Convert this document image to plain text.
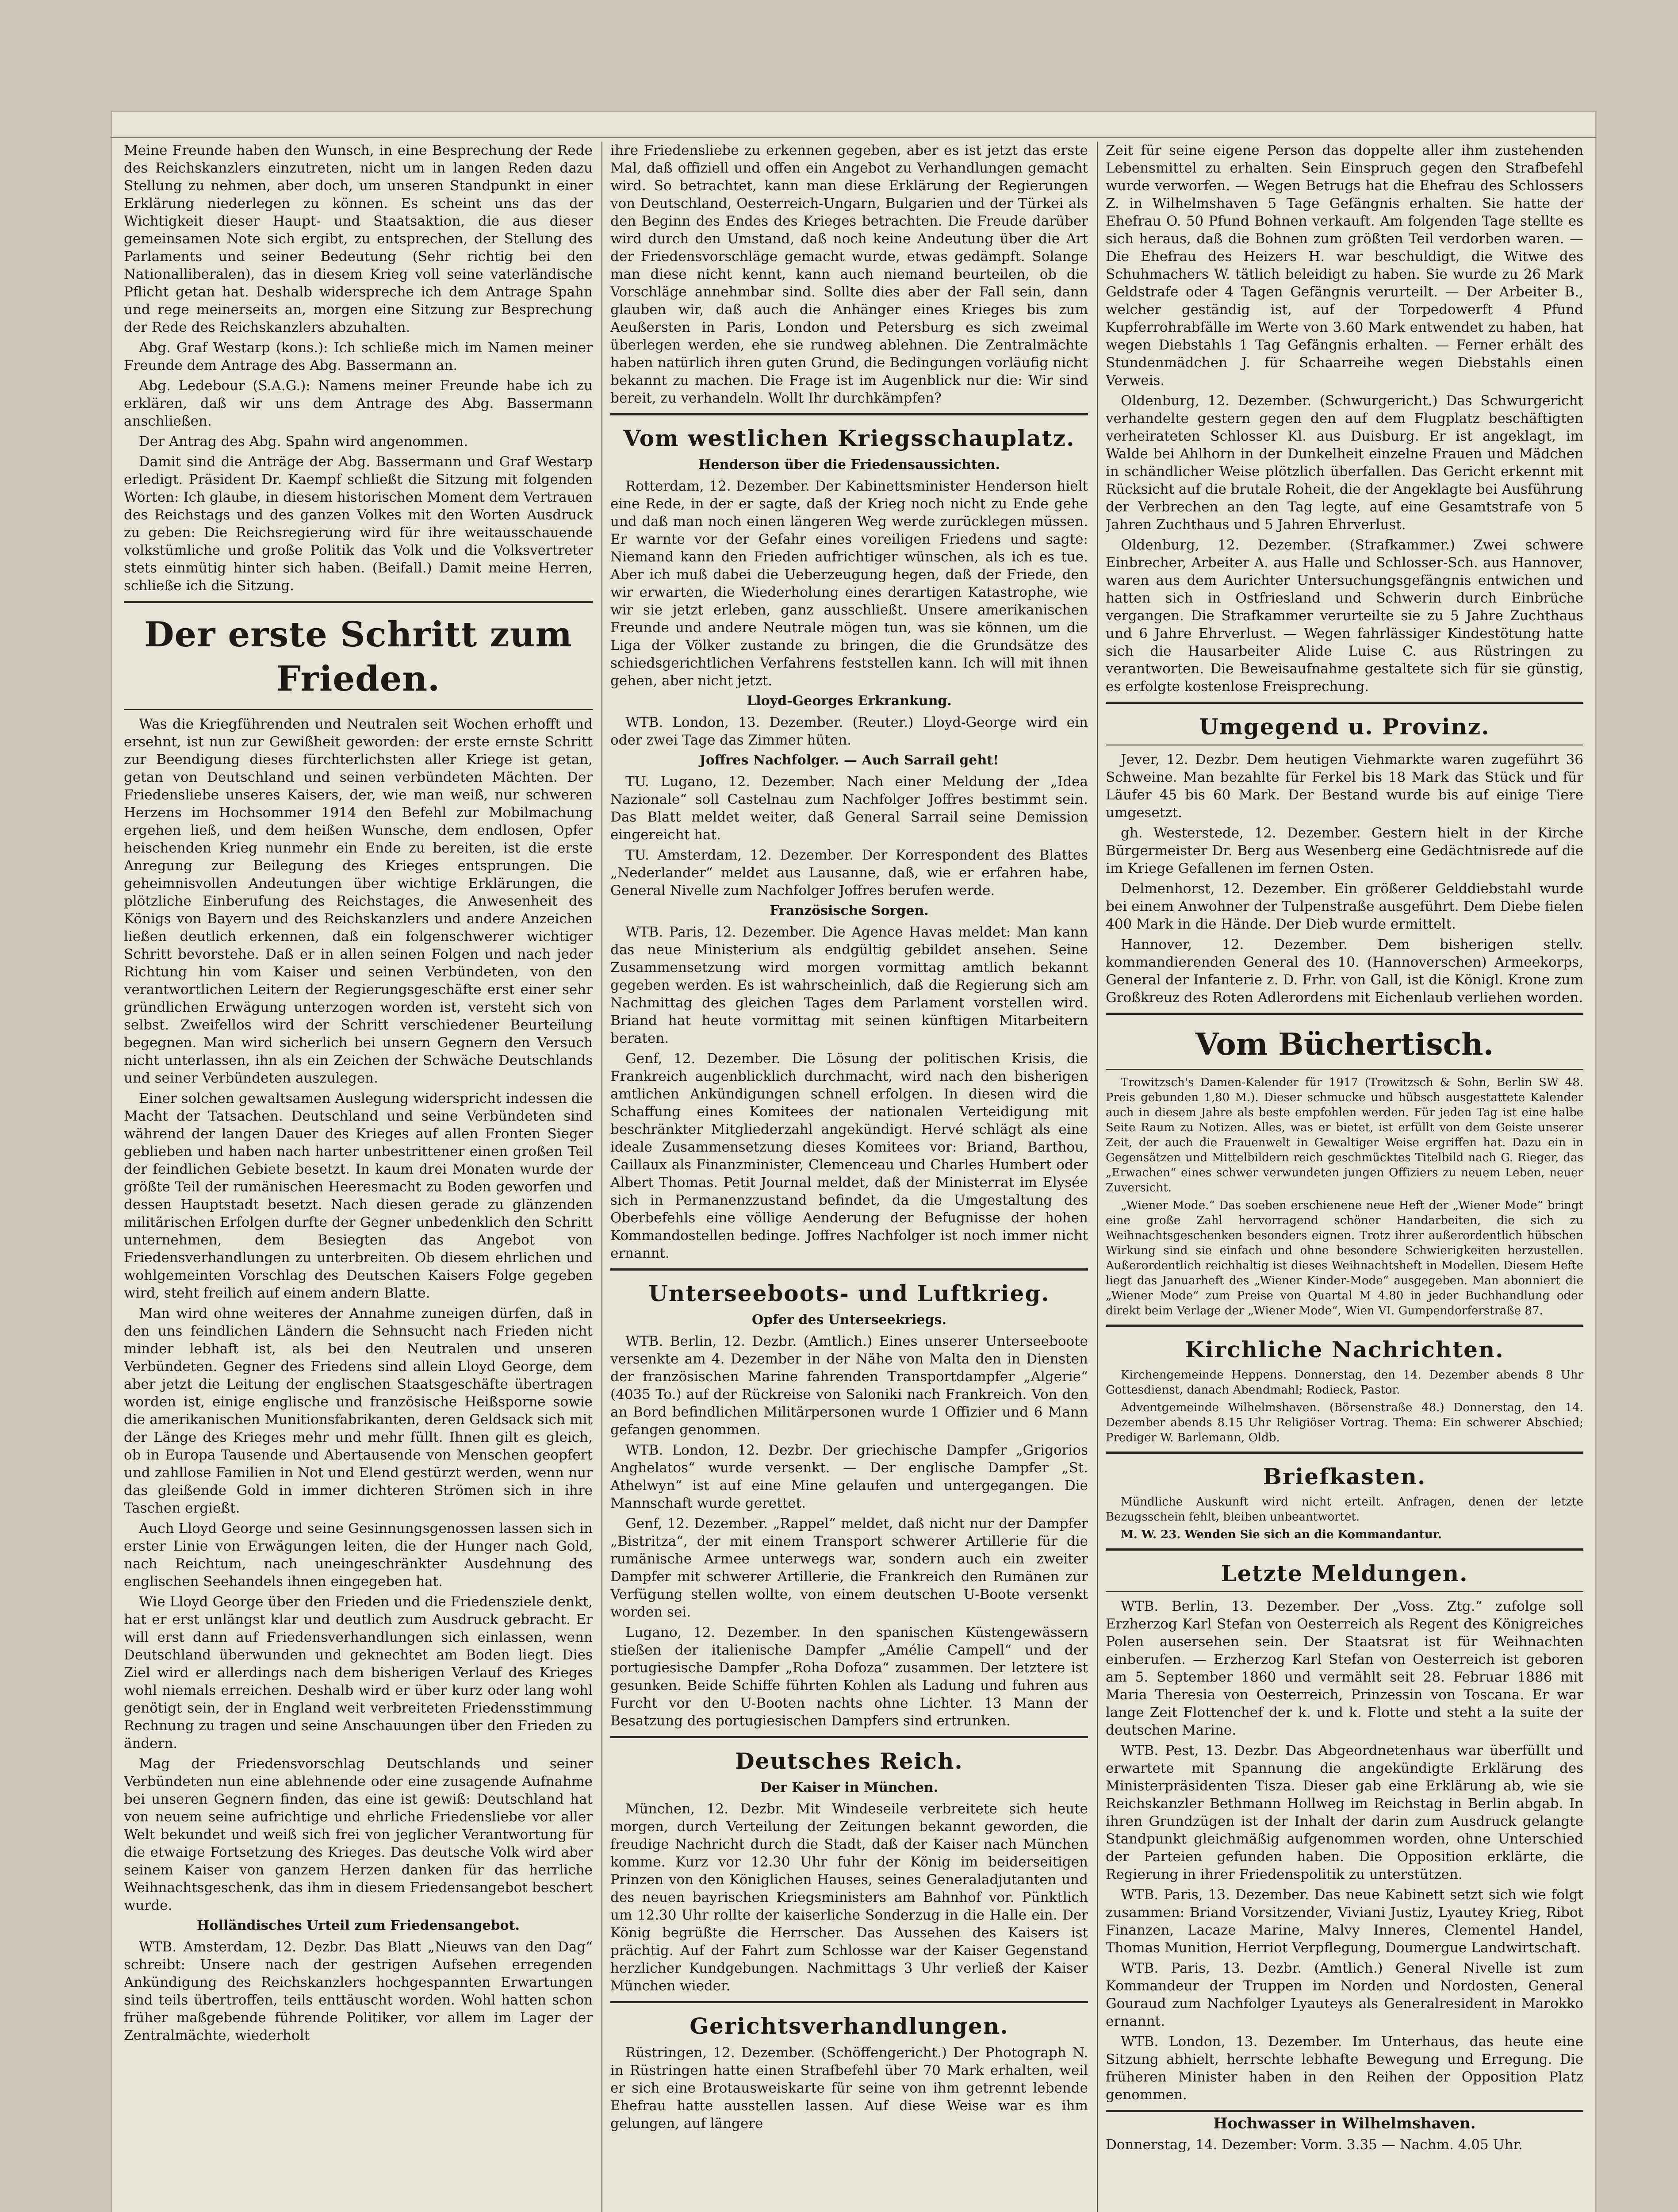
Meine Freunde haben den Wunsch, in eine Besprechung der Rede des Reichskanzlers einzutreten, nicht um in langen Reden dazu Stellung zu nehmen, aber doch, um unseren Standpunkt in einer Erklärung niederlegen zu können. Es scheint uns das der Wichtigkeit dieser Haupt- und Staatsaktion, die aus dieser gemeinsamen Note sich ergibt, zu entsprechen, der Stellung des Parlaments und seiner Bedeutung (Sehr richtig bei den Nationalliberalen), das in diesem Krieg voll seine vaterländische Pflicht getan hat. Deshalb widerspreche ich dem Antrage Spahn und rege meinerseits an, morgen eine Sitzung zur Besprechung der Rede des Reichskanzlers abzuhalten.

Abg. Graf Westarp (kons.): Ich schließe mich im Namen meiner Freunde dem Antrage des Abg. Bassermann an.

Abg. Ledebour (S.A.G.): Namens meiner Freunde habe ich zu erklären, daß wir uns dem Antrage des Abg. Bassermann anschließen.

Der Antrag des Abg. Spahn wird angenommen.

Damit sind die Anträge der Abg. Bassermann und Graf Westarp erledigt. Präsident Dr. Kaempf schließt die Sitzung mit folgenden Worten: Ich glaube, in diesem historischen Moment dem Vertrauen des Reichstags und des ganzen Volkes mit den Worten Ausdruck zu geben: Die Reichsregierung wird für ihre weitausschauende volkstümliche und große Politik das Volk und die Volksvertreter stets einmütig hinter sich haben. (Beifall.) Damit meine Herren, schließe ich die Sitzung.

Der erste Schritt zum Frieden.

Was die Kriegführenden und Neutralen seit Wochen erhofft und ersehnt, ist nun zur Gewißheit geworden: der erste ernste Schritt zur Beendigung dieses fürchterlichsten aller Kriege ist getan, getan von Deutschland und seinen verbündeten Mächten. Der Friedensliebe unseres Kaisers, der, wie man weiß, nur schweren Herzens im Hochsommer 1914 den Befehl zur Mobilmachung ergehen ließ, und dem heißen Wunsche, dem endlosen, Opfer heischenden Krieg nunmehr ein Ende zu bereiten, ist die erste Anregung zur Beilegung des Krieges entsprungen. Die geheimnisvollen Andeutungen über wichtige Erklärungen, die plötzliche Einberufung des Reichstages, die Anwesenheit des Königs von Bayern und des Reichskanzlers und andere Anzeichen ließen deutlich erkennen, daß ein folgenschwerer wichtiger Schritt bevorstehe. Daß er in allen seinen Folgen und nach jeder Richtung hin vom Kaiser und seinen Verbündeten, von den verantwortlichen Leitern der Regierungsgeschäfte erst einer sehr gründlichen Erwägung unterzogen worden ist, versteht sich von selbst. Zweifellos wird der Schritt verschiedener Beurteilung begegnen. Man wird sicherlich bei unsern Gegnern den Versuch nicht unterlassen, ihn als ein Zeichen der Schwäche Deutschlands und seiner Verbündeten auszulegen.

Einer solchen gewaltsamen Auslegung widerspricht indessen die Macht der Tatsachen. Deutschland und seine Verbündeten sind während der langen Dauer des Krieges auf allen Fronten Sieger geblieben und haben nach harter unbestrittener einen großen Teil der feindlichen Gebiete besetzt. In kaum drei Monaten wurde der größte Teil der rumänischen Heeresmacht zu Boden geworfen und dessen Hauptstadt besetzt. Nach diesen gerade zu glänzenden militärischen Erfolgen durfte der Gegner unbedenklich den Schritt unternehmen, dem Besiegten das Angebot von Friedensverhandlungen zu unterbreiten. Ob diesem ehrlichen und wohlgemeinten Vorschlag des Deutschen Kaisers Folge gegeben wird, steht freilich auf einem andern Blatte.

Man wird ohne weiteres der Annahme zuneigen dürfen, daß in den uns feindlichen Ländern die Sehnsucht nach Frieden nicht minder lebhaft ist, als bei den Neutralen und unseren Verbündeten. Gegner des Friedens sind allein Lloyd George, dem aber jetzt die Leitung der englischen Staatsgeschäfte übertragen worden ist, einige englische und französische Heißsporne sowie die amerikanischen Munitionsfabrikanten, deren Geldsack sich mit der Länge des Krieges mehr und mehr füllt. Ihnen gilt es gleich, ob in Europa Tausende und Abertausende von Menschen geopfert und zahllose Familien in Not und Elend gestürzt werden, wenn nur das gleißende Gold in immer dichteren Strömen sich in ihre Taschen ergießt.

Auch Lloyd George und seine Gesinnungsgenossen lassen sich in erster Linie von Erwägungen leiten, die der Hunger nach Gold, nach Reichtum, nach uneingeschränkter Ausdehnung des englischen Seehandels ihnen eingegeben hat.

Wie Lloyd George über den Frieden und die Friedensziele denkt, hat er erst unlängst klar und deutlich zum Ausdruck gebracht. Er will erst dann auf Friedensverhandlungen sich einlassen, wenn Deutschland überwunden und geknechtet am Boden liegt. Dies Ziel wird er allerdings nach dem bisherigen Verlauf des Krieges wohl niemals erreichen. Deshalb wird er über kurz oder lang wohl genötigt sein, der in England weit verbreiteten Friedensstimmung Rechnung zu tragen und seine Anschauungen über den Frieden zu ändern.

Mag der Friedensvorschlag Deutschlands und seiner Verbündeten nun eine ablehnende oder eine zusagende Aufnahme bei unseren Gegnern finden, das eine ist gewiß: Deutschland hat von neuem seine aufrichtige und ehrliche Friedensliebe vor aller Welt bekundet und weiß sich frei von jeglicher Verantwortung für die etwaige Fortsetzung des Krieges. Das deutsche Volk wird aber seinem Kaiser von ganzem Herzen danken für das herrliche Weihnachtsgeschenk, das ihm in diesem Friedensangebot beschert wurde.

Holländisches Urteil zum Friedensangebot.

WTB. Amsterdam, 12. Dezbr. Das Blatt „Nieuws van den Dag“ schreibt: Unsere nach der gestrigen Aufsehen erregenden Ankündigung des Reichskanzlers hochgespannten Erwartungen sind teils übertroffen, teils enttäuscht worden. Wohl hatten schon früher maßgebende führende Politiker, vor allem im Lager der Zentralmächte, wiederholt

ihre Friedensliebe zu erkennen gegeben, aber es ist jetzt das erste Mal, daß offiziell und offen ein Angebot zu Verhandlungen gemacht wird. So betrachtet, kann man diese Erklärung der Regierungen von Deutschland, Oesterreich-Ungarn, Bulgarien und der Türkei als den Beginn des Endes des Krieges betrachten. Die Freude darüber wird durch den Umstand, daß noch keine Andeutung über die Art der Friedensvorschläge gemacht wurde, etwas gedämpft. Solange man diese nicht kennt, kann auch niemand beurteilen, ob die Vorschläge annehmbar sind. Sollte dies aber der Fall sein, dann glauben wir, daß auch die Anhänger eines Krieges bis zum Aeußersten in Paris, London und Petersburg es sich zweimal überlegen werden, ehe sie rundweg ablehnen. Die Zentralmächte haben natürlich ihren guten Grund, die Bedingungen vorläufig nicht bekannt zu machen. Die Frage ist im Augenblick nur die: Wir sind bereit, zu verhandeln. Wollt Ihr durchkämpfen?

Vom westlichen Kriegsschauplatz.
Henderson über die Friedensaussichten.

Rotterdam, 12. Dezember. Der Kabinettsminister Henderson hielt eine Rede, in der er sagte, daß der Krieg noch nicht zu Ende gehe und daß man noch einen längeren Weg werde zurücklegen müssen. Er warnte vor der Gefahr eines voreiligen Friedens und sagte: Niemand kann den Frieden aufrichtiger wünschen, als ich es tue. Aber ich muß dabei die Ueberzeugung hegen, daß der Friede, den wir erwarten, die Wiederholung eines derartigen Katastrophe, wie wir sie jetzt erleben, ganz ausschließt. Unsere amerikanischen Freunde und andere Neutrale mögen tun, was sie können, um die Liga der Völker zustande zu bringen, die die Grundsätze des schiedsgerichtlichen Verfahrens feststellen kann. Ich will mit ihnen gehen, aber nicht jetzt.

Lloyd-Georges Erkrankung.

WTB. London, 13. Dezember. (Reuter.) Lloyd-George wird ein oder zwei Tage das Zimmer hüten.

Joffres Nachfolger. — Auch Sarrail geht!

TU. Lugano, 12. Dezember. Nach einer Meldung der „Idea Nazionale“ soll Castelnau zum Nachfolger Joffres bestimmt sein. Das Blatt meldet weiter, daß General Sarrail seine Demission eingereicht hat.

TU. Amsterdam, 12. Dezember. Der Korrespondent des Blattes „Nederlander“ meldet aus Lausanne, daß, wie er erfahren habe, General Nivelle zum Nachfolger Joffres berufen werde.

Französische Sorgen.

WTB. Paris, 12. Dezember. Die Agence Havas meldet: Man kann das neue Ministerium als endgültig gebildet ansehen. Seine Zusammensetzung wird morgen vormittag amtlich bekannt gegeben werden. Es ist wahrscheinlich, daß die Regierung sich am Nachmittag des gleichen Tages dem Parlament vorstellen wird. Briand hat heute vormittag mit seinen künftigen Mitarbeitern beraten.

Genf, 12. Dezember. Die Lösung der politischen Krisis, die Frankreich augenblicklich durchmacht, wird nach den bisherigen amtlichen Ankündigungen schnell erfolgen. In diesen wird die Schaffung eines Komitees der nationalen Verteidigung mit beschränkter Mitgliederzahl angekündigt. Hervé schlägt als eine ideale Zusammensetzung dieses Komitees vor: Briand, Barthou, Caillaux als Finanzminister, Clemenceau und Charles Humbert oder Albert Thomas. Petit Journal meldet, daß der Ministerrat im Elysée sich in Permanenzzustand befindet, da die Umgestaltung des Oberbefehls eine völlige Aenderung der Befugnisse der hohen Kommandostellen bedinge. Joffres Nachfolger ist noch immer nicht ernannt.

Unterseeboots- und Luftkrieg.
Opfer des Unterseekriegs.

WTB. Berlin, 12. Dezbr. (Amtlich.) Eines unserer Unterseeboote versenkte am 4. Dezember in der Nähe von Malta den in Diensten der französischen Marine fahrenden Transportdampfer „Algerie“ (4035 To.) auf der Rückreise von Saloniki nach Frankreich. Von den an Bord befindlichen Militärpersonen wurde 1 Offizier und 6 Mann gefangen genommen.

WTB. London, 12. Dezbr. Der griechische Dampfer „Grigorios Anghelatos“ wurde versenkt. — Der englische Dampfer „St. Athelwyn“ ist auf eine Mine gelaufen und untergegangen. Die Mannschaft wurde gerettet.

Genf, 12. Dezember. „Rappel“ meldet, daß nicht nur der Dampfer „Bistritza“, der mit einem Transport schwerer Artillerie für die rumänische Armee unterwegs war, sondern auch ein zweiter Dampfer mit schwerer Artillerie, die Frankreich den Rumänen zur Verfügung stellen wollte, von einem deutschen U-Boote versenkt worden sei.

Lugano, 12. Dezember. In den spanischen Küstengewässern stießen der italienische Dampfer „Amélie Campell“ und der portugiesische Dampfer „Roha Dofoza“ zusammen. Der letztere ist gesunken. Beide Schiffe führten Kohlen als Ladung und fuhren aus Furcht vor den U-Booten nachts ohne Lichter. 13 Mann der Besatzung des portugiesischen Dampfers sind ertrunken.

Deutsches Reich.
Der Kaiser in München.

München, 12. Dezbr. Mit Windeseile verbreitete sich heute morgen, durch Verteilung der Zeitungen bekannt geworden, die freudige Nachricht durch die Stadt, daß der Kaiser nach München komme. Kurz vor 12.30 Uhr fuhr der König im beiderseitigen Prinzen von den Königlichen Hauses, seines Generaladjutanten und des neuen bayrischen Kriegsministers am Bahnhof vor. Pünktlich um 12.30 Uhr rollte der kaiserliche Sonderzug in die Halle ein. Der König begrüßte die Herrscher. Das Aussehen des Kaisers ist prächtig. Auf der Fahrt zum Schlosse war der Kaiser Gegenstand herzlicher Kundgebungen. Nachmittags 3 Uhr verließ der Kaiser München wieder.

Gerichtsverhandlungen.

Rüstringen, 12. Dezember. (Schöffengericht.) Der Photograph N. in Rüstringen hatte einen Strafbefehl über 70 Mark erhalten, weil er sich eine Brotausweiskarte für seine von ihm getrennt lebende Ehefrau hatte ausstellen lassen. Auf diese Weise war es ihm gelungen, auf längere

Zeit für seine eigene Person das doppelte aller ihm zustehenden Lebensmittel zu erhalten. Sein Einspruch gegen den Strafbefehl wurde verworfen. — Wegen Betrugs hat die Ehefrau des Schlossers Z. in Wilhelmshaven 5 Tage Gefängnis erhalten. Sie hatte der Ehefrau O. 50 Pfund Bohnen verkauft. Am folgenden Tage stellte es sich heraus, daß die Bohnen zum größten Teil verdorben waren. — Die Ehefrau des Heizers H. war beschuldigt, die Witwe des Schuhmachers W. tätlich beleidigt zu haben. Sie wurde zu 26 Mark Geldstrafe oder 4 Tagen Gefängnis verurteilt. — Der Arbeiter B., welcher geständig ist, auf der Torpedowerft 4 Pfund Kupferrohrabfälle im Werte von 3.60 Mark entwendet zu haben, hat wegen Diebstahls 1 Tag Gefängnis erhalten. — Ferner erhält des Stundenmädchen J. für Schaarreihe wegen Diebstahls einen Verweis.

Oldenburg, 12. Dezember. (Schwurgericht.) Das Schwurgericht verhandelte gestern gegen den auf dem Flugplatz beschäftigten verheirateten Schlosser Kl. aus Duisburg. Er ist angeklagt, im Walde bei Ahlhorn in der Dunkelheit einzelne Frauen und Mädchen in schändlicher Weise plötzlich überfallen. Das Gericht erkennt mit Rücksicht auf die brutale Roheit, die der Angeklagte bei Ausführung der Verbrechen an den Tag legte, auf eine Gesamtstrafe von 5 Jahren Zuchthaus und 5 Jahren Ehrverlust.

Oldenburg, 12. Dezember. (Strafkammer.) Zwei schwere Einbrecher, Arbeiter A. aus Halle und Schlosser-Sch. aus Hannover, waren aus dem Aurichter Untersuchungsgefängnis entwichen und hatten sich in Ostfriesland und Schwerin durch Einbrüche vergangen. Die Strafkammer verurteilte sie zu 5 Jahre Zuchthaus und 6 Jahre Ehrverlust. — Wegen fahrlässiger Kindestötung hatte sich die Hausarbeiter Alide Luise C. aus Rüstringen zu verantworten. Die Beweisaufnahme gestaltete sich für sie günstig, es erfolgte kostenlose Freisprechung.

Umgegend u. Provinz.

Jever, 12. Dezbr. Dem heutigen Viehmarkte waren zugeführt 36 Schweine. Man bezahlte für Ferkel bis 18 Mark das Stück und für Läufer 45 bis 60 Mark. Der Bestand wurde bis auf einige Tiere umgesetzt.

gh. Westerstede, 12. Dezember. Gestern hielt in der Kirche Bürgermeister Dr. Berg aus Wesenberg eine Gedächtnisrede auf die im Kriege Gefallenen im fernen Osten.

Delmenhorst, 12. Dezember. Ein größerer Gelddiebstahl wurde bei einem Anwohner der Tulpenstraße ausgeführt. Dem Diebe fielen 400 Mark in die Hände. Der Dieb wurde ermittelt.

Hannover, 12. Dezember. Dem bisherigen stellv. kommandierenden General des 10. (Hannoverschen) Armeekorps, General der Infanterie z. D. Frhr. von Gall, ist die Königl. Krone zum Großkreuz des Roten Adlerordens mit Eichenlaub verliehen worden.

Vom Büchertisch.

Trowitzsch's Damen-Kalender für 1917 (Trowitzsch & Sohn, Berlin SW 48. Preis gebunden 1,80 M.). Dieser schmucke und hübsch ausgestattete Kalender auch in diesem Jahre als beste empfohlen werden. Für jeden Tag ist eine halbe Seite Raum zu Notizen. Alles, was er bietet, ist erfüllt von dem Geiste unserer Zeit, der auch die Frauenwelt in Gewaltiger Weise ergriffen hat. Dazu ein in Gegensätzen und Mittelbildern reich geschmücktes Titelbild nach G. Rieger, das „Erwachen“ eines schwer verwundeten jungen Offiziers zu neuem Leben, neuer Zuversicht.

„Wiener Mode.“ Das soeben erschienene neue Heft der „Wiener Mode“ bringt eine große Zahl hervorragend schöner Handarbeiten, die sich zu Weihnachtsgeschenken besonders eignen. Trotz ihrer außerordentlich hübschen Wirkung sind sie einfach und ohne besondere Schwierigkeiten herzustellen. Außerordentlich reichhaltig ist dieses Weihnachtsheft in Modellen. Diesem Hefte liegt das Januarheft des „Wiener Kinder-Mode“ ausgegeben. Man abonniert die „Wiener Mode“ zum Preise von Quartal M 4.80 in jeder Buchhandlung oder direkt beim Verlage der „Wiener Mode“, Wien VI. Gumpendorferstraße 87.

Kirchliche Nachrichten.

Kirchengemeinde Heppens. Donnerstag, den 14. Dezember abends 8 Uhr Gottesdienst, danach Abendmahl; Rodieck, Pastor.

Adventgemeinde Wilhelmshaven. (Börsenstraße 48.) Donnerstag, den 14. Dezember abends 8.15 Uhr Religiöser Vortrag. Thema: Ein schwerer Abschied; Prediger W. Barlemann, Oldb.

Briefkasten.

Mündliche Auskunft wird nicht erteilt. Anfragen, denen der letzte Bezugsschein fehlt, bleiben unbeantwortet.

M. W. 23. Wenden Sie sich an die Kommandantur.

Letzte Meldungen.

WTB. Berlin, 13. Dezember. Der „Voss. Ztg.“ zufolge soll Erzherzog Karl Stefan von Oesterreich als Regent des Königreiches Polen ausersehen sein. Der Staatsrat ist für Weihnachten einberufen. — Erzherzog Karl Stefan von Oesterreich ist geboren am 5. September 1860 und vermählt seit 28. Februar 1886 mit Maria Theresia von Oesterreich, Prinzessin von Toscana. Er war lange Zeit Flottenchef der k. und k. Flotte und steht a la suite der deutschen Marine.

WTB. Pest, 13. Dezbr. Das Abgeordnetenhaus war überfüllt und erwartete mit Spannung die angekündigte Erklärung des Ministerpräsidenten Tisza. Dieser gab eine Erklärung ab, wie sie Reichskanzler Bethmann Hollweg im Reichstag in Berlin abgab. In ihren Grundzügen ist der Inhalt der darin zum Ausdruck gelangte Standpunkt gleichmäßig aufgenommen worden, ohne Unterschied der Parteien gefunden haben. Die Opposition erklärte, die Regierung in ihrer Friedenspolitik zu unterstützen.

WTB. Paris, 13. Dezember. Das neue Kabinett setzt sich wie folgt zusammen: Briand Vorsitzender, Viviani Justiz, Lyautey Krieg, Ribot Finanzen, Lacaze Marine, Malvy Inneres, Clementel Handel, Thomas Munition, Herriot Verpflegung, Doumergue Landwirtschaft.

WTB. Paris, 13. Dezbr. (Amtlich.) General Nivelle ist zum Kommandeur der Truppen im Norden und Nordosten, General Gouraud zum Nachfolger Lyauteys als Generalresident in Marokko ernannt.

WTB. London, 13. Dezember. Im Unterhaus, das heute eine Sitzung abhielt, herrschte lebhafte Bewegung und Erregung. Die früheren Minister haben in den Reihen der Opposition Platz genommen.

Hochwasser in Wilhelmshaven.

Donnerstag, 14. Dezember: Vorm. 3.35 — Nachm. 4.05 Uhr.
